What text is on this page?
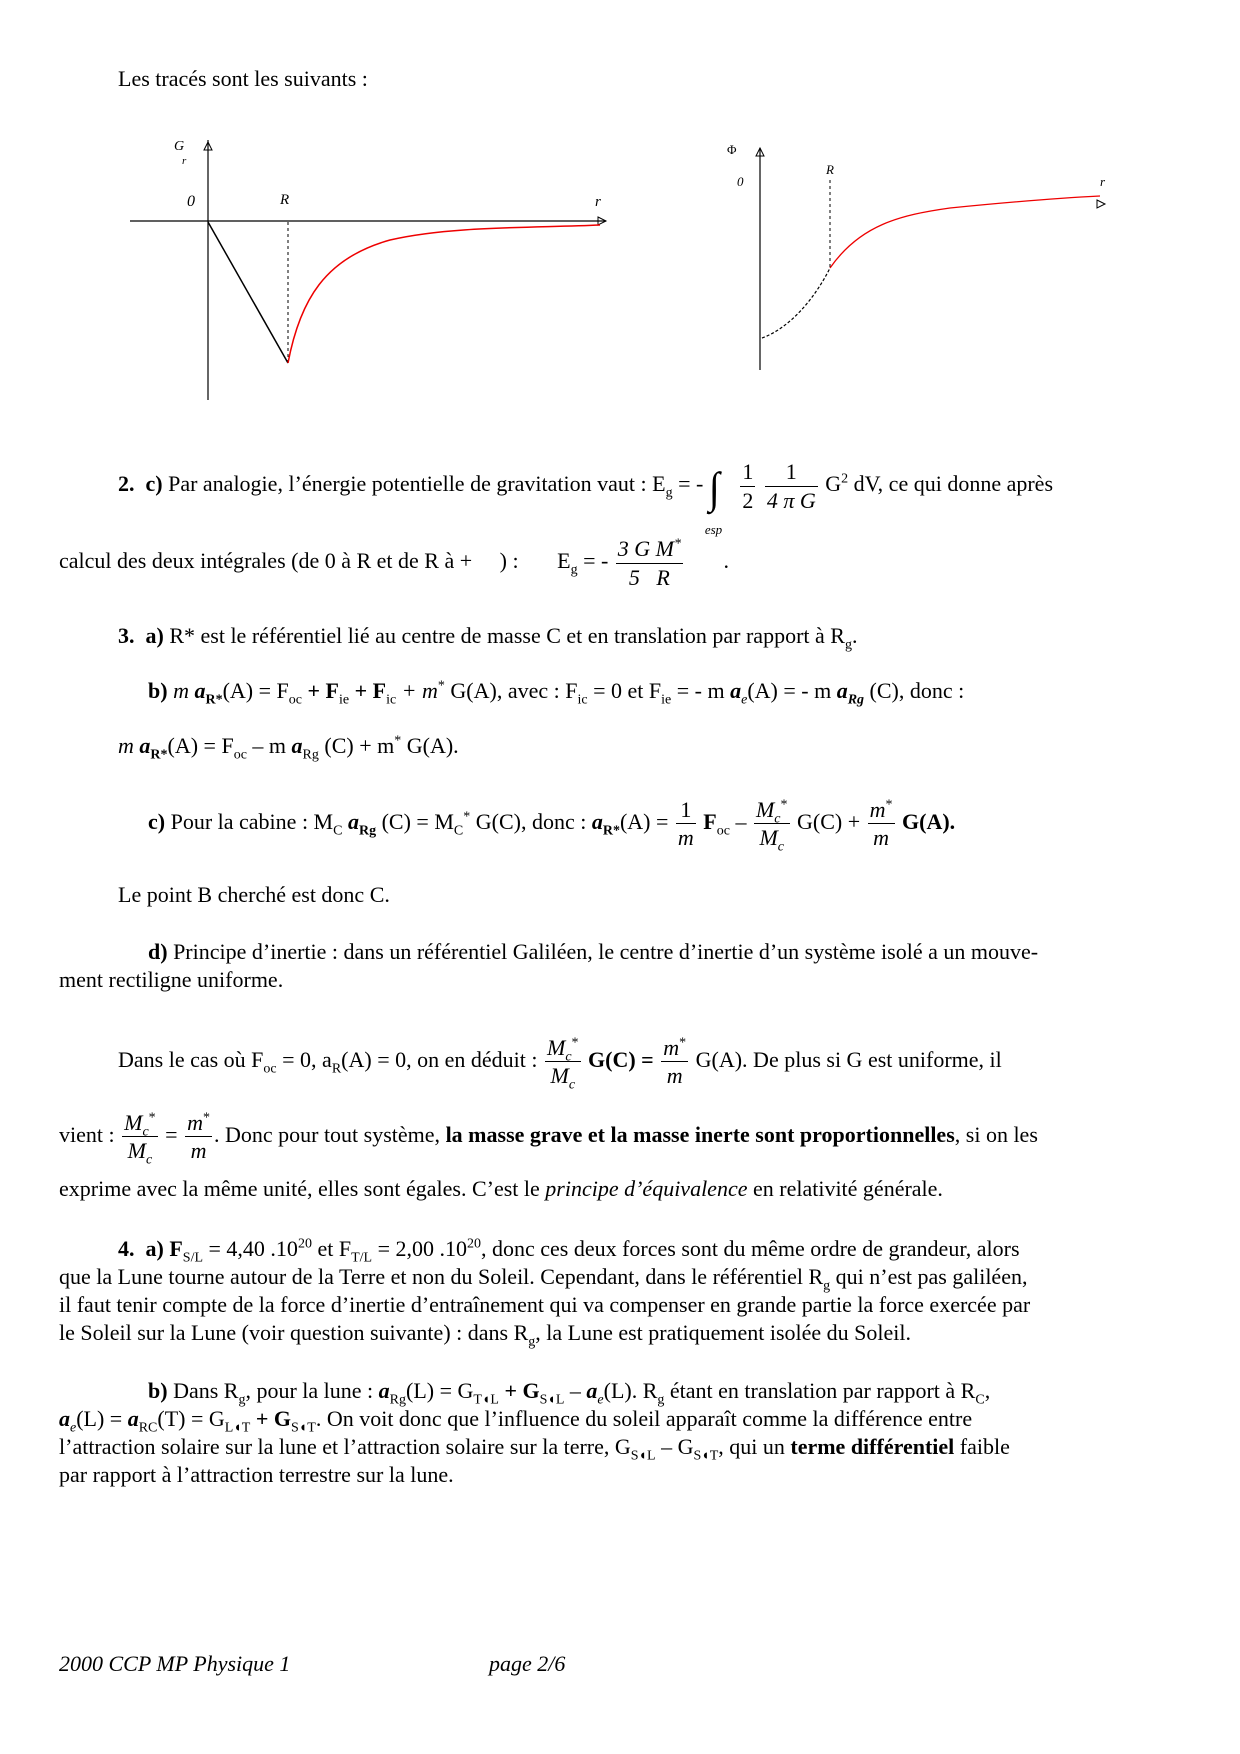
Les tracés sont les suivants :
G
r
0	R	r
Φ
0
R
r
2. c) Par analogie, l’énergie potentielle de gravitation vaut : $E_g$ = - ∫
esp

$\frac{1}{2}$
$\frac{1}{\text{4 π G}} G^2$ dV, ce qui donne après
calcul des deux intégrales (de 0 à R et de R à + ) : $E_g$ = - $\frac{3 G M^*}{5 R}$ .
3. a) R* est le référentiel lié au centre de masse C et en translation par rapport à $R_g$.
b) m $a_{R*}(A) = F_{oc} + F_{ie} + F_{ic} + m^*$ G(A), avec : $F_{ic} = 0$ et $F_{ie}$ = - m $a_e(A)$ = - m $a_{Rg}$ (C), donc :
m $a_{R*}(A) = F_{oc} - m$ $a_{Rg}$ (C) + m* G(A).
c) Pour la cabine : $M_C$ $a_{Rg}$ $(C) = M_C^*$ G(C), donc : $a_{R*}(A) = \frac{1}{m} F_{oc} - \frac{M_c^*}{M_c} G(C) + \frac{m^*}{m} G(A)$.
Le point B cherché est donc C.
d) Principe d’inertie : dans un référentiel Galiléen, le centre d’inertie d’un système isolé a un mouve-
ment rectiligne uniforme.
Dans le cas où $F_{oc} = 0$, $a_R(A) = 0$, on en déduit : $\frac{M_c^*}{M_c} G(C) = \frac{m^*}{m} G(A)$. De plus si G est uniforme, il
vient : $\frac{M_c^*}{M_c} = \frac{m^*}{m}$ . Donc pour tout système, la masse grave et la masse inerte sont proportionnelles, si on les
exprime avec la même unité, elles sont égales. C’est le principe d’équivalence en relativité générale.
4. a) $F_{S/L} = 4,40$ $.10^{20}$ et $F_{T/L} = 2,00$ $.10^{20}$, donc ces deux forces sont du même ordre de grandeur, alors
que la Lune tourne autour de la Terre et non du Soleil. Cependant, dans le référentiel $R_g$ qui n’est pas galiléen,
il faut tenir compte de la force d’inertie d’entraînement qui va compenser en grande partie la force exercée par
le Soleil sur la Lune (voir question suivante) : dans $R_g$, la Lune est pratiquement isolée du Soleil.
b) Dans $R_g$, pour la lune : $a_{Rg}(L) = G_{T◖L} + G_{S◖L} - a_e(L)$. $R_g$ étant en translation par rapport à $R_C$,
$a_e(L) = a_{RC}(T) = G_{L◖T} + G_{S◖T}$. On voit donc que l’influence du soleil apparaît comme la différence entre
l’attraction solaire sur la lune et l’attraction solaire sur la terre, $G_{S◖L} - G_{S◖T}$, qui un terme différentiel faible
par rapport à l’attraction terrestre sur la lune.
2000 CCP MP Physique 1	page 2/6
